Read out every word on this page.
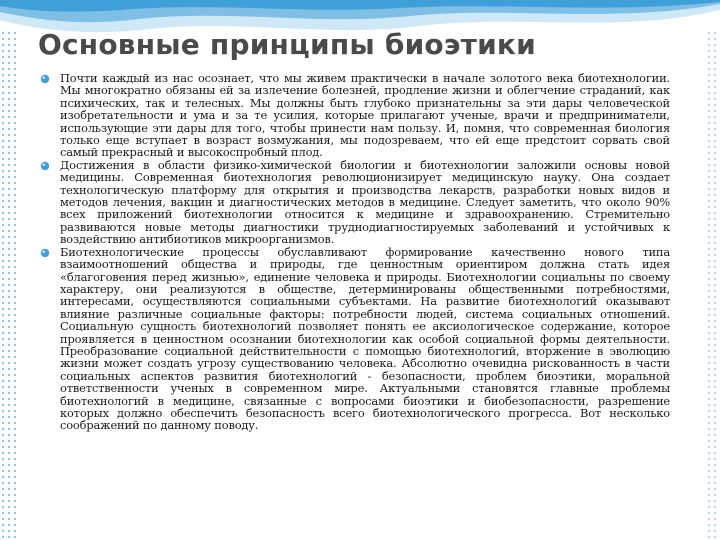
Основные принципы биоэтики
Почти каждый из нас осознает, что мы живем практически в начале золотого века биотехнологии. Мы многократно обязаны ей за излечение болезней, продление жизни и облегчение страданий, как психических, так и телесных. Мы должны быть глубоко признательны за эти дары человеческой изобретательности и ума и за те усилия, которые прилагают ученые, врачи и предприниматели, использующие эти дары для того, чтобы принести нам пользу. И, помня, что современная биология только еще вступает в возраст возмужания, мы подозреваем, что ей еще предстоит сорвать свой самый прекрасный и высокоспробный плод.
Достижения в области физико-химической биологии и биотехнологии заложили основы новой медицины. Современная биотехнология революционизирует медицинскую науку. Она создает технологическую платформу для открытия и производства лекарств, разработки новых видов и методов лечения, вакцин и диагностических методов в медицине. Следует заметить, что около 90% всех приложений биотехнологии относится к медицине и здравоохранению. Стремительно развиваются новые методы диагностики труднодиагностируемых заболеваний и устойчивых к воздействию антибиотиков микроорганизмов.
Биотехнологические процессы обуславливают формирование качественно нового типа взаимоотношений общества и природы, где ценностным ориентиром должна стать идея «благоговения перед жизнью», единение человека и природы. Биотехнологии социальны по своему характеру, они реализуются в обществе, детерминированы общественными потребностями, интересами, осуществляются социальными субъектами. На развитие биотехнологий оказывают влияние различные социальные факторы: потребности людей, система социальных отношений. Социальную сущность биотехнологий позволяет понять ее аксиологическое содержание, которое проявляется в ценностном осознании биотехнологии как особой социальной формы деятельности. Преобразование социальной действительности с помощью биотехнологий, вторжение в эволюцию жизни может создать угрозу существованию человека. Абсолютно очевидна рискованность в части социальных аспектов развития биотехнологий - безопасности, проблем биоэтики, моральной ответственности ученых в современном мире. Актуальными становятся главные проблемы биотехнологий в медицине, связанные с вопросами биоэтики и биобезопасности, разрешение которых должно обеспечить безопасность всего биотехнологического прогресса. Вот несколько соображений по данному поводу.
